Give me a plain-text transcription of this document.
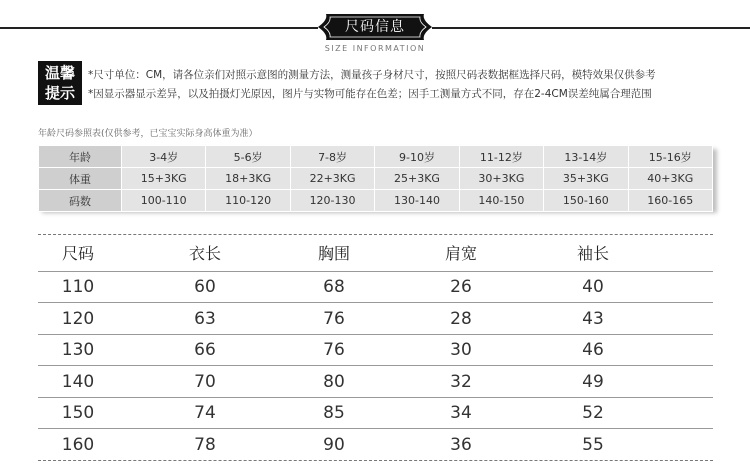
尺码信息
SIZE INFORMATION
温馨
提示
*尺寸单位：CM，请各位亲们对照示意图的测量方法，测量孩子身材尺寸，按照尺码表数据框选择尺码，模特效果仅供参考
*因显示器显示差异，以及拍摄灯光原因，图片与实物可能存在色差；因手工测量方式不同，存在2-4CM误差纯属合理范围
年龄尺码参照表(仅供参考，已宝宝实际身高体重为准）
年龄	3-4岁	5-6岁	7-8岁	9-10岁	11-12岁	13-14岁	15-16岁
体重	15+3KG	18+3KG	22+3KG	25+3KG	30+3KG	35+3KG	40+3KG
码数	100-110	110-120	120-130	130-140	140-150	150-160	160-165
尺码	衣长	胸围	肩宽	袖长
110	60	68	26	40
120	63	76	28	43
130	66	76	30	46
140	70	80	32	49
150	74	85	34	52
160	78	90	36	55
